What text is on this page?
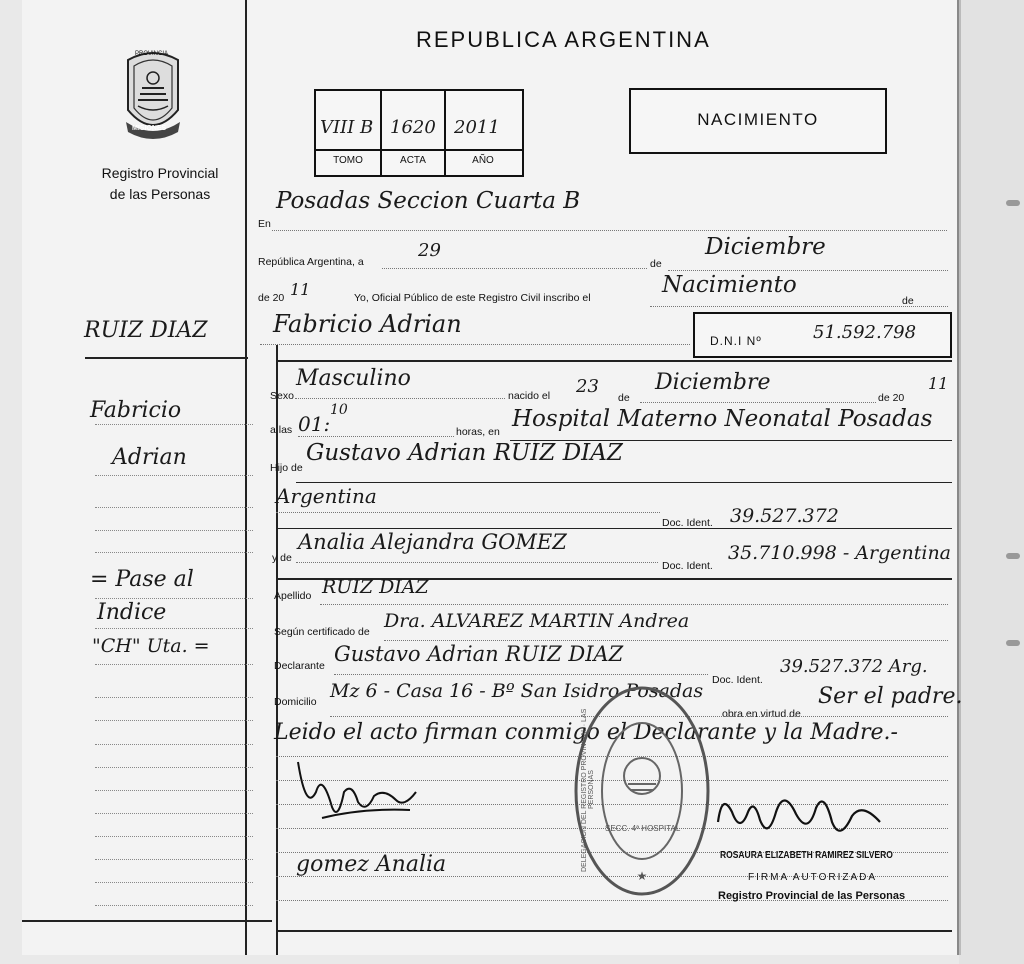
REPUBLICA ARGENTINA
NACIMIENTO
VIII B 1620 2011
TOMO	ACTA	AÑO
PROVINCIA
MISIONES
Registro Provincial
de las Personas
RUIZ DIAZ
Fabricio
Adrian
= Pase al
Indice
"CH" Uta. =
En
Posadas Seccion Cuarta B
República Argentina, a
29
de
Diciembre
de 20 11	Yo, Oficial Público de este Registro Civil inscribo el	Nacimiento
de
Fabricio Adrian
D.N.I Nº	51.592.798
Sexo
Masculino
nacido el 23
de
Diciembre
de 20
11
a las 01:
10
horas, en Hospital Materno Neonatal Posadas
Hijo de
Gustavo Adrian RUIZ DIAZ
Argentina
Doc. Ident. 39.527.372
y de
Analia Alejandra GOMEZ
Doc. Ident.
35.710.998 - Argentina
Apellido RUIZ DIAZ
Según certificado de Dra. ALVAREZ MARTIN Andrea
Declarante Gustavo Adrian RUIZ DIAZ
Doc. Ident.
39.527.372 Arg.
Domicilio Mz 6 - Casa 16 - Bº San Isidro Posadas
obra en virtud de
Ser el padre.
Leido el acto firman conmigo el Declarante y la Madre.-
★
DELEGACION DEL REGISTRO PROVINCIAL · LAS PERSONAS
SECC. 4ª HOSPITAL
gomez Analia	ROSAURA ELIZABETH RAMIREZ SILVERO
FIRMA AUTORIZADA
Registro Provincial de las Personas
